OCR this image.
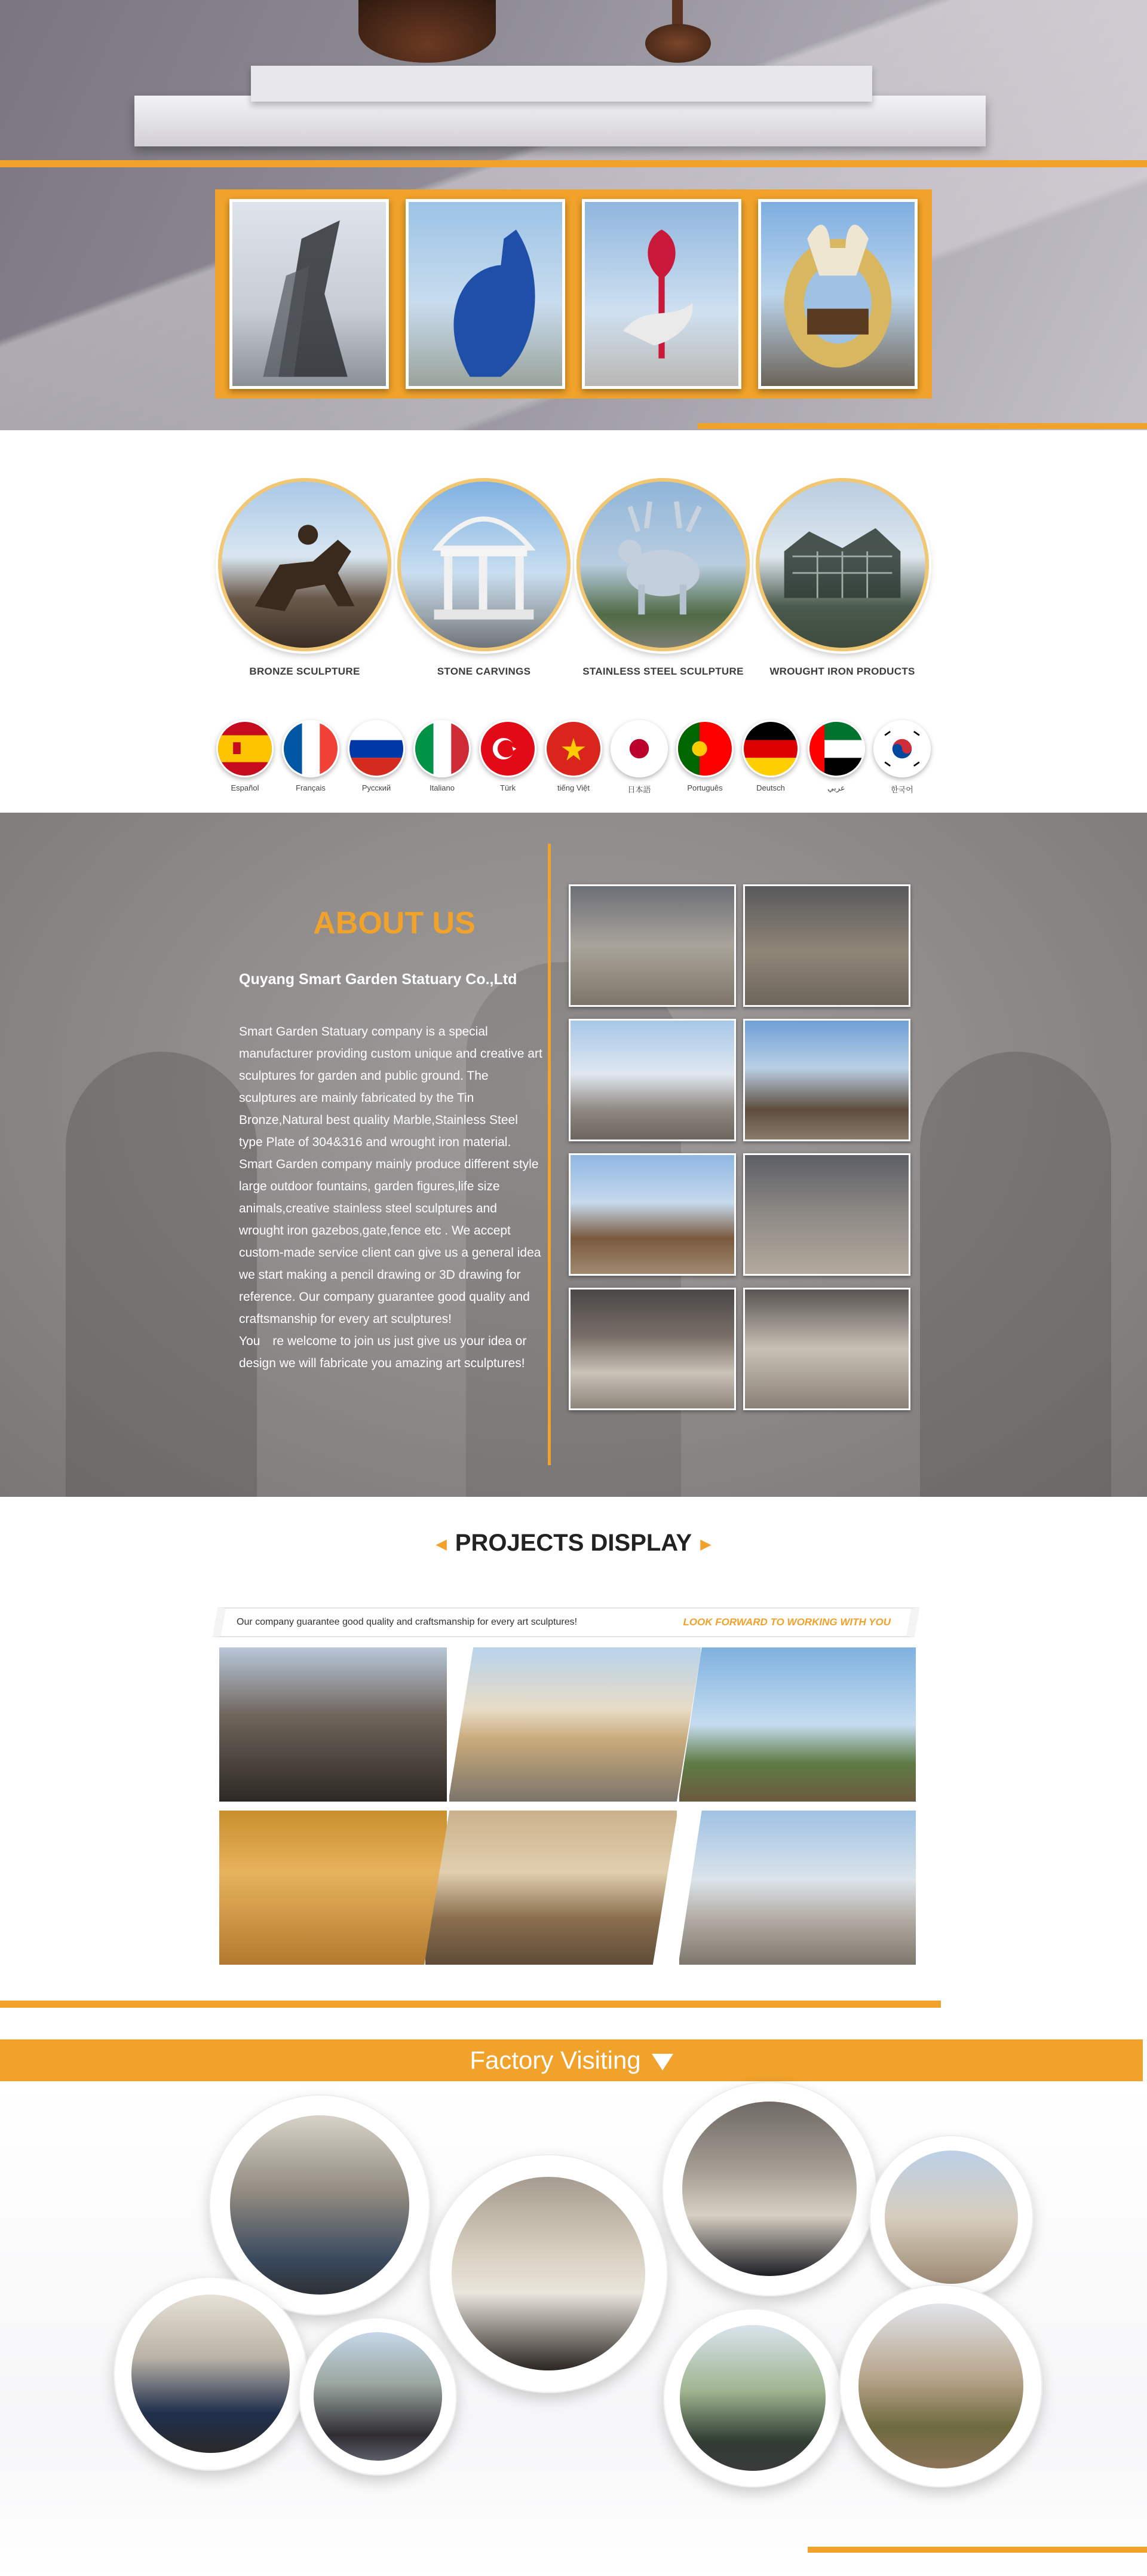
BRONZE SCULPTURE	STONE CARVINGS	STAINLESS STEEL SCULPTURE	WROUGHT IRON PRODUCTS
Español	Français	Русский	Italiano	Türk	tiếng Việt	日本語	Português	Deutsch	عربي	한국어
ABOUT US
Quyang Smart Garden Statuary Co.,Ltd

Smart Garden Statuary company is a special manufacturer providing custom unique and creative art sculptures for garden and public ground. The sculptures are mainly fabricated by the Tin Bronze,Natural best quality Marble,Stainless Steel type Plate of 304&316 and wrought iron material.

Smart Garden company mainly produce different style large outdoor fountains, garden figures,life size animals,creative stainless steel sculptures and wrought iron gazebos,gate,fence etc . We accept custom-made service client can give us a general idea we start making a pencil drawing or 3D drawing for reference. Our company guarantee good quality and craftsmanship for every art sculptures!

You　re welcome to join us just give us your idea or design we will fabricate you amazing art sculptures!

◀ PROJECTS DISPLAY ▶
Our company guarantee good quality and craftsmanship for every art sculptures!	LOOK FORWARD TO WORKING WITH YOU
Factory Visiting
